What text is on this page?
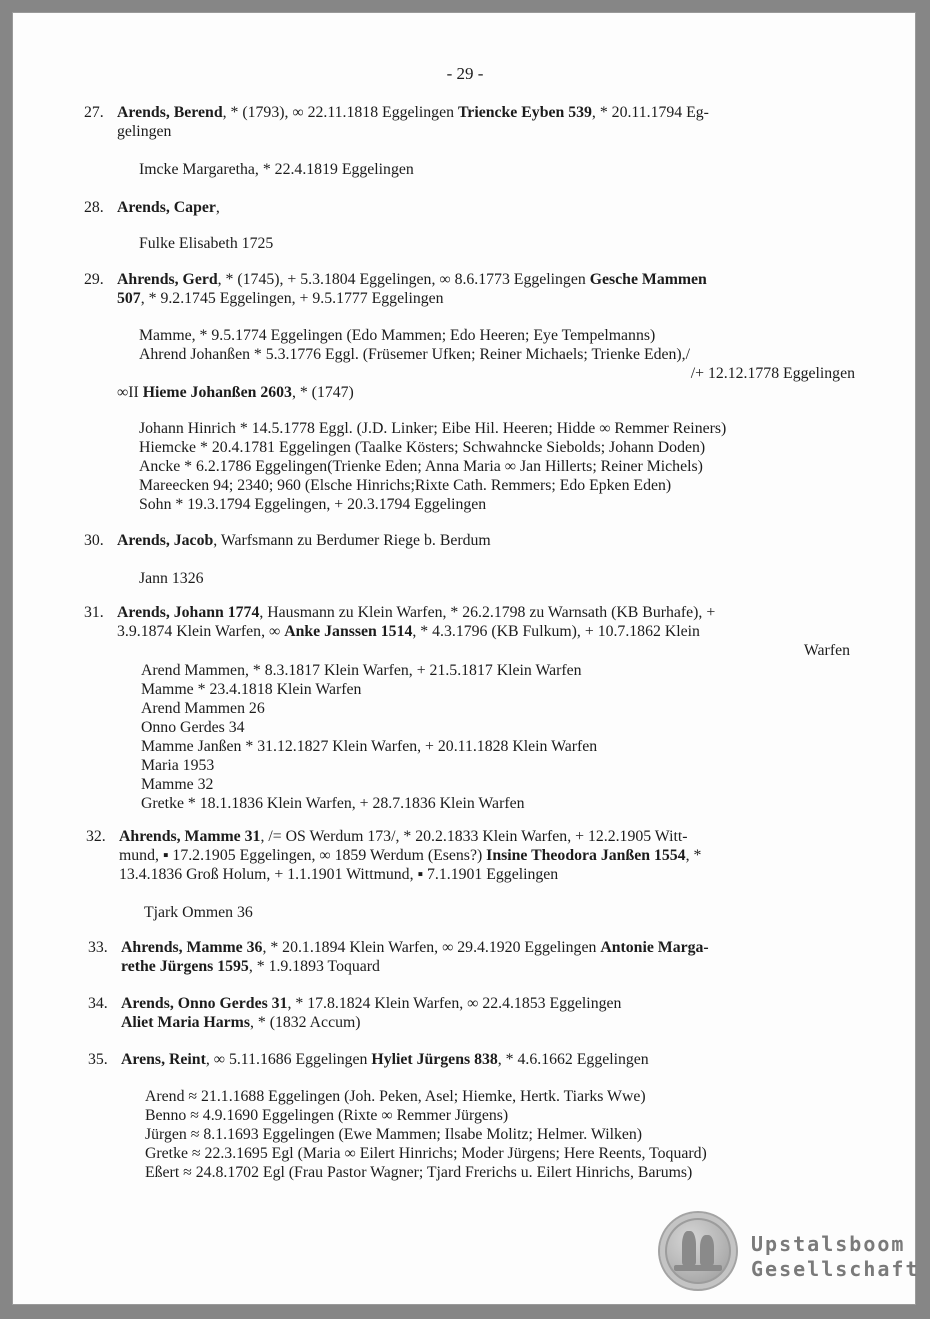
- 29 -
27. Arends, Berend, * (1793), ∞ 22.11.1818 Eggelingen Triencke Eyben 539, * 20.11.1794 Eg-
gelingen
Imcke Margaretha, * 22.4.1819 Eggelingen
28. Arends, Caper,
Fulke Elisabeth 1725
29. Ahrends, Gerd, * (1745), + 5.3.1804 Eggelingen, ∞ 8.6.1773 Eggelingen Gesche Mammen
507, * 9.2.1745 Eggelingen, + 9.5.1777 Eggelingen
Mamme, * 9.5.1774 Eggelingen (Edo Mammen; Edo Heeren; Eye Tempelmanns)
Ahrend Johanßen * 5.3.1776 Eggl. (Früsemer Ufken; Reiner Michaels; Trienke Eden),/
/+ 12.12.1778 Eggelingen
∞II Hieme Johanßen 2603, * (1747)
Johann Hinrich * 14.5.1778 Eggl. (J.D. Linker; Eibe Hil. Heeren; Hidde ∞ Remmer Reiners)
Hiemcke * 20.4.1781 Eggelingen (Taalke Kösters; Schwahncke Siebolds; Johann Doden)
Ancke * 6.2.1786 Eggelingen(Trienke Eden; Anna Maria ∞ Jan Hillerts; Reiner Michels)
Mareecken 94; 2340; 960 (Elsche Hinrichs;Rixte Cath. Remmers; Edo Epken Eden)
Sohn * 19.3.1794 Eggelingen, + 20.3.1794 Eggelingen
30. Arends, Jacob, Warfsmann zu Berdumer Riege b. Berdum
Jann 1326
31. Arends, Johann 1774, Hausmann zu Klein Warfen, * 26.2.1798 zu Warnsath (KB Burhafe), +
3.9.1874 Klein Warfen, ∞ Anke Janssen 1514, * 4.3.1796 (KB Fulkum), + 10.7.1862 Klein
Warfen
Arend Mammen, * 8.3.1817 Klein Warfen, + 21.5.1817 Klein Warfen
Mamme * 23.4.1818 Klein Warfen
Arend Mammen 26
Onno Gerdes 34
Mamme Janßen * 31.12.1827 Klein Warfen, + 20.11.1828 Klein Warfen
Maria 1953
Mamme 32
Gretke * 18.1.1836 Klein Warfen, + 28.7.1836 Klein Warfen
32. Ahrends, Mamme 31, /= OS Werdum 173/, * 20.2.1833 Klein Warfen, + 12.2.1905 Witt-
mund, ▪ 17.2.1905 Eggelingen, ∞ 1859 Werdum (Esens?) Insine Theodora Janßen 1554, *
13.4.1836 Groß Holum, + 1.1.1901 Wittmund, ▪ 7.1.1901 Eggelingen
Tjark Ommen 36
33. Ahrends, Mamme 36, * 20.1.1894 Klein Warfen, ∞ 29.4.1920 Eggelingen Antonie Marga-
rethe Jürgens 1595, * 1.9.1893 Toquard
34. Arends, Onno Gerdes 31, * 17.8.1824 Klein Warfen, ∞ 22.4.1853 Eggelingen
Aliet Maria Harms, * (1832 Accum)
35. Arens, Reint, ∞ 5.11.1686 Eggelingen Hyliet Jürgens 838, * 4.6.1662 Eggelingen
Arend ≈ 21.1.1688 Eggelingen (Joh. Peken, Asel; Hiemke, Hertk. Tiarks Wwe)
Benno ≈ 4.9.1690 Eggelingen (Rixte ∞ Remmer Jürgens)
Jürgen ≈ 8.1.1693 Eggelingen (Ewe Mammen; Ilsabe Molitz; Helmer. Wilken)
Gretke ≈ 22.3.1695 Egl (Maria ∞ Eilert Hinrichs; Moder Jürgens; Here Reents, Toquard)
Eßert ≈ 24.8.1702 Egl (Frau Pastor Wagner; Tjard Frerichs u. Eilert Hinrichs, Barums)
Upstalsboom
Gesellschaft
